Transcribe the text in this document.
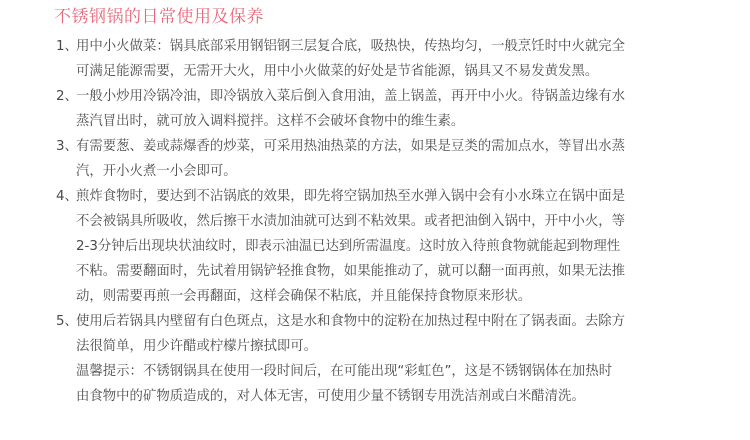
不锈钢锅的日常使用及保养
1、
用中小火做菜：锅具底部采用钢铝钢三层复合底，吸热快，传热均匀，一般烹饪时中火就完全
可满足能源需要，无需开大火，用中小火做菜的好处是节省能源，锅具又不易发黄发黑。
2、
一般小炒用冷锅冷油，即冷锅放入菜后倒入食用油，盖上锅盖，再开中小火。待锅盖边缘有水
蒸汽冒出时，就可放入调料搅拌。这样不会破坏食物中的维生素。
3、
有需要葱、姜或蒜爆香的炒菜，可采用热油热菜的方法，如果是豆类的需加点水，等冒出水蒸
汽，开小火煮一小会即可。
4、
煎炸食物时，要达到不沾锅底的效果，即先将空锅加热至水弹入锅中会有小水珠立在锅中面是
不会被锅具所吸收，然后擦干水渍加油就可达到不粘效果。或者把油倒入锅中，开中小火，等
2-3分钟后出现块状油纹时，即表示油温已达到所需温度。这时放入待煎食物就能起到物理性
不粘。需要翻面时，先试着用锅铲轻推食物，如果能推动了，就可以翻一面再煎，如果无法推
动，则需要再煎一会再翻面，这样会确保不粘底，并且能保持食物原来形状。
5、
使用后若锅具内壁留有白色斑点，这是水和食物中的淀粉在加热过程中附在了锅表面。去除方
法很简单，用少许醋或柠檬片擦拭即可。
温馨提示：不锈钢锅具在使用一段时间后，在可能出现“彩虹色”，这是不锈钢锅体在加热时
由食物中的矿物质造成的，对人体无害，可使用少量不锈钢专用洗洁剂或白米醋清洗。
